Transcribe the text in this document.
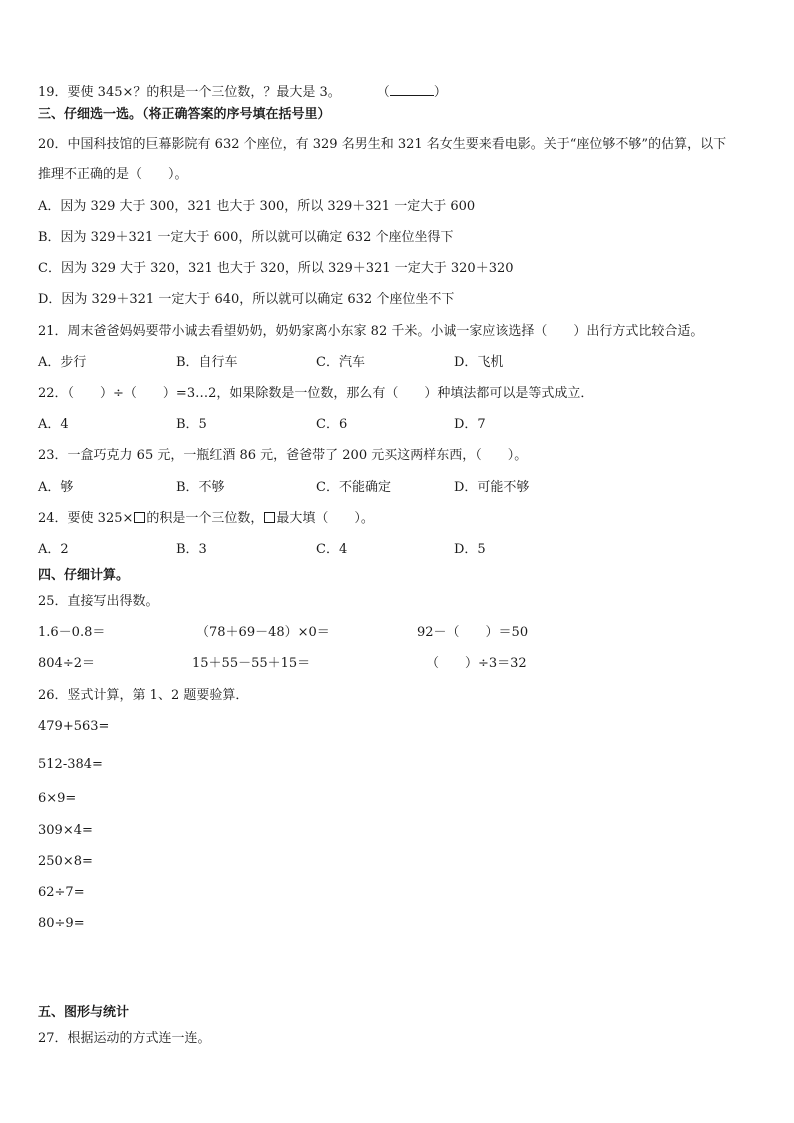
19．要使 345×？的积是一个三位数，？最大是 3。	（	）
三、仔细选一选。（将正确答案的序号填在括号里）
20．中国科技馆的巨幕影院有 632 个座位，有 329 名男生和 321 名女生要来看电影。关于“座位够不够”的估算，以下
推理不正确的是（　　）。
A．因为 329 大于 300，321 也大于 300，所以 329＋321 一定大于 600
B．因为 329＋321 一定大于 600，所以就可以确定 632 个座位坐得下
C．因为 329 大于 320，321 也大于 320，所以 329＋321 一定大于 320＋320
D．因为 329＋321 一定大于 640，所以就可以确定 632 个座位坐不下
21．周末爸爸妈妈要带小诚去看望奶奶，奶奶家离小东家 82 千米。小诚一家应该选择（　　）出行方式比较合适。
A．步行	B．自行车	C．汽车	D．飞机
22．（　　）÷（　　）=3…2，如果除数是一位数，那么有（　　）种填法都可以是等式成立．
A．4	B．5	C．6	D．7
23．一盒巧克力 65 元，一瓶红酒 86 元，爸爸带了 200 元买这两样东西，（　　）。
A．够	B．不够	C．不能确定	D．可能不够
24．要使 325× 的积是一个三位数， 最大填（　　）。
A．2	B．3	C．4	D．5
四、仔细计算。
25．直接写出得数。
1.6－0.8＝	（78＋69－48）×0＝	92－（　　）＝50
804÷2＝	15＋55－55＋15＝	（　　）÷3＝32
26．竖式计算，第 1、2 题要验算．
479+563=
512-384=
6×9=
309×4=
250×8=
62÷7=
80÷9=
五、图形与统计
27．根据运动的方式连一连。
